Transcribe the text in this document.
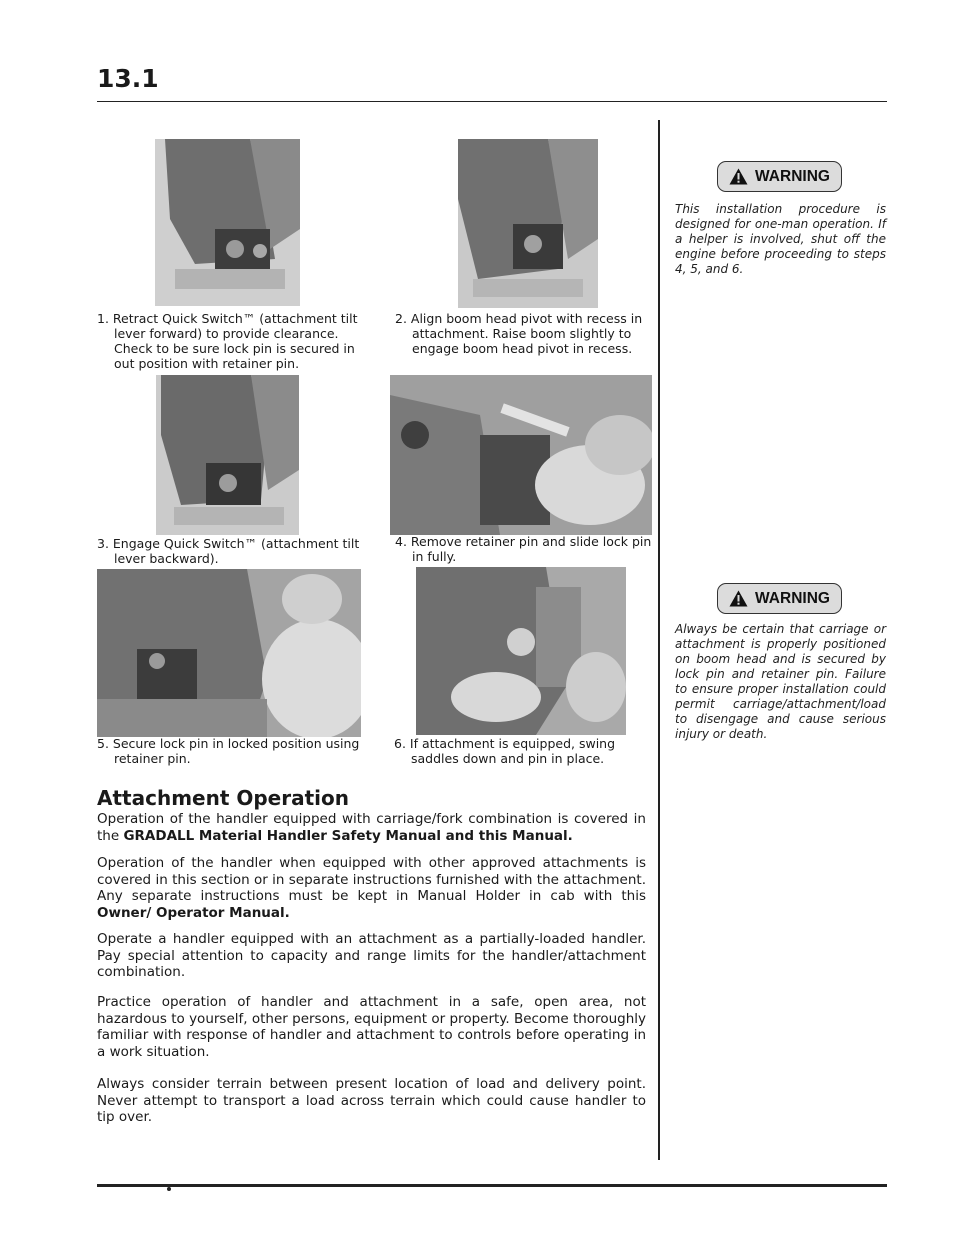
13.1

1. Retract Quick Switch™ (attachment tilt lever forward) to provide clearance. Check to be sure lock pin is secured in out position with retainer pin.

2. Align boom head pivot with recess in attachment. Raise boom slightly to engage boom head pivot in recess.

3. Engage Quick Switch™ (attachment tilt lever backward).

4. Remove retainer pin and slide lock pin in fully.

5. Secure lock pin in locked position using retainer pin.

6. If attachment is equipped, swing saddles down and pin in place.

WARNING

This installation procedure is designed for one-man operation. If a helper is involved, shut off the engine before proceeding to steps 4, 5, and 6.

WARNING

Always be certain that carriage or attachment is properly positioned on boom head and is secured by lock pin and retainer pin. Failure to ensure proper installation could permit carriage/attachment/load to disengage and cause serious injury or death.

Attachment Operation

Operation of the handler equipped with carriage/fork combination is covered in the GRADALL Material Handler Safety Manual and this Manual.

Operation of the handler when equipped with other approved attachments is covered in this section or in separate instructions furnished with the attachment. Any separate instructions must be kept in Manual Holder in cab with this Owner/ Operator Manual.

Operate a handler equipped with an attachment as a partially-loaded handler. Pay special attention to capacity and range limits for the handler/attachment combination.

Practice operation of handler and attachment in a safe, open area, not hazardous to yourself, other persons, equipment or property. Become thoroughly familiar with response of handler and attachment to controls before operating in a work situation.

Always consider terrain between present location of load and delivery point. Never attempt to transport a load across terrain which could cause handler to tip over.
